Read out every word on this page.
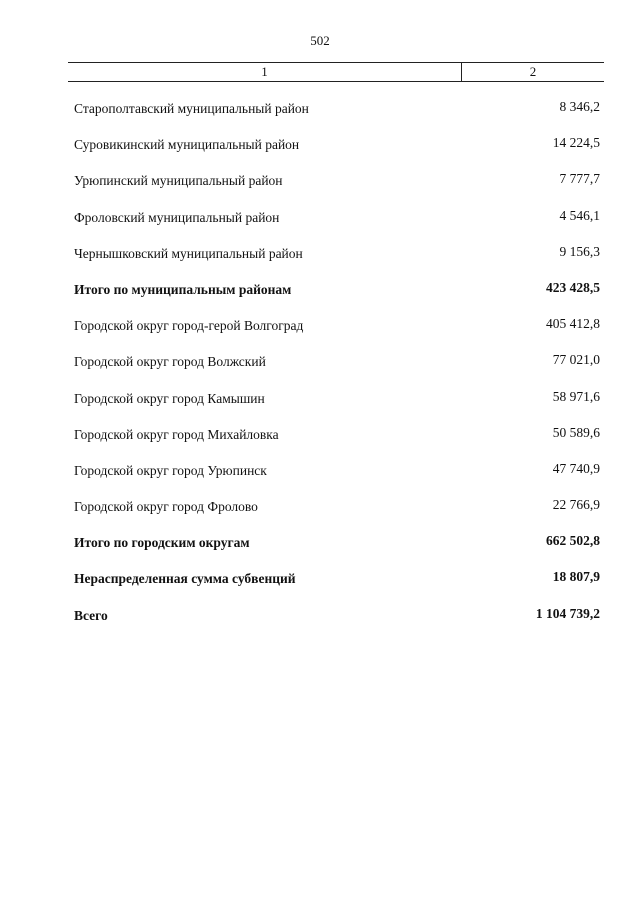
502
1	2
Старополтавский муниципальный район	8 346,2
Суровикинский муниципальный район	14 224,5
Урюпинский муниципальный район	7 777,7
Фроловский муниципальный район	4 546,1
Чернышковский муниципальный район	9 156,3
Итого по муниципальным районам	423 428,5
Городской округ город-герой Волгоград	405 412,8
Городской округ город Волжский	77 021,0
Городской округ город Камышин	58 971,6
Городской округ город Михайловка	50 589,6
Городской округ город Урюпинск	47 740,9
Городской округ город Фролово	22 766,9
Итого по городским округам	662 502,8
Нераспределенная сумма субвенций	18 807,9
Всего	1 104 739,2
